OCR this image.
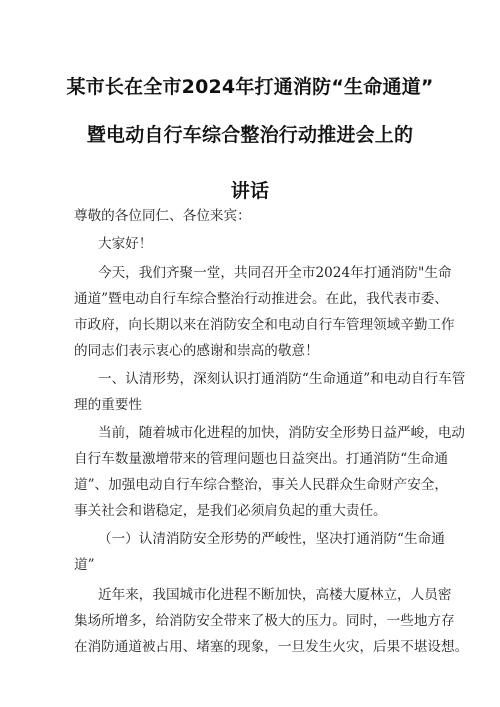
某市长在全市2024年打通消防“生命通道”
暨电动自行车综合整治行动推进会上的
讲话
尊敬的各位同仁、各位来宾：
大家好！
今天，我们齐聚一堂，共同召开全市2024年打通消防"生命
通道”暨电动自行车综合整治行动推进会。在此，我代表市委、
市政府，向长期以来在消防安全和电动自行车管理领域辛勤工作
的同志们表示衷心的感谢和崇高的敬意！
一、认清形势，深刻认识打通消防“生命通道”和电动自行车管
理的重要性
当前，随着城市化进程的加快，消防安全形势日益严峻，电动
自行车数量激增带来的管理问题也日益突出。打通消防“生命通
道”、加强电动自行车综合整治，事关人民群众生命财产安全，
事关社会和谐稳定，是我们必须肩负起的重大责任。
（一）认清消防安全形势的严峻性，坚决打通消防“生命通
道”
近年来，我国城市化进程不断加快，高楼大厦林立，人员密
集场所增多，给消防安全带来了极大的压力。同时，一些地方存
在消防通道被占用、堵塞的现象，一旦发生火灾，后果不堪设想。
